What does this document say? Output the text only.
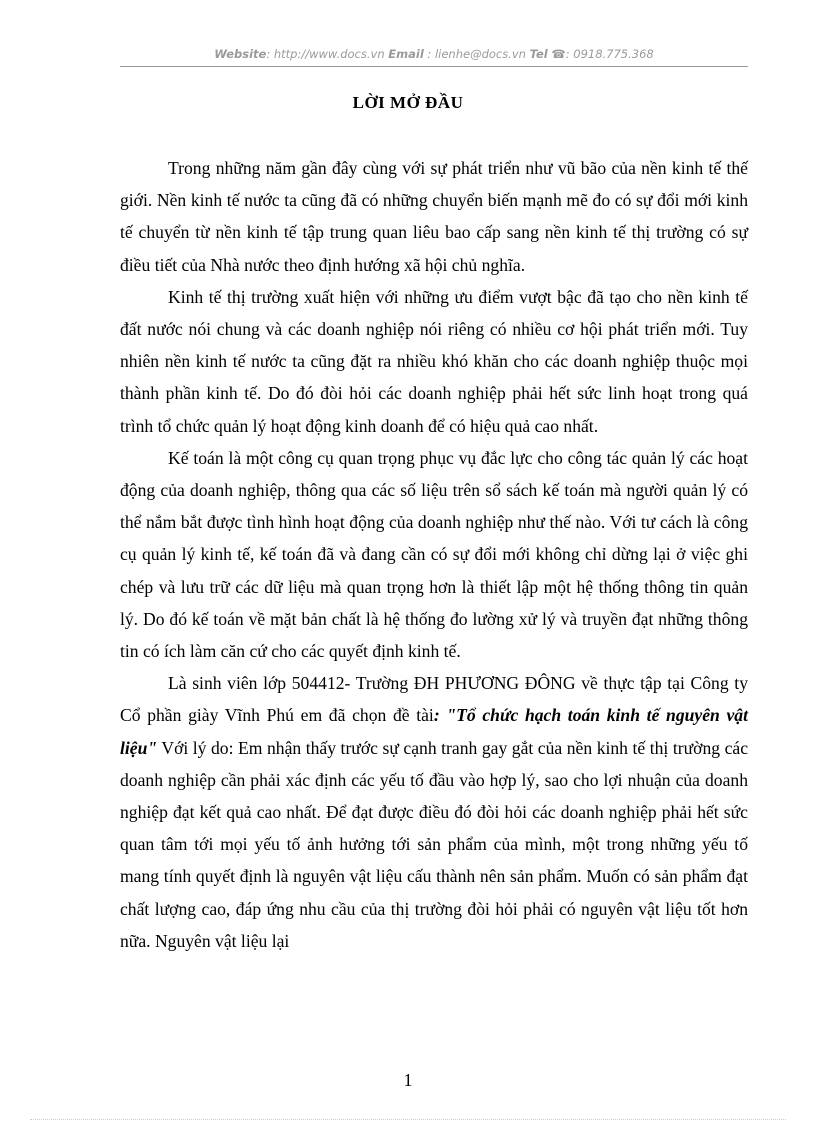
Website: http://www.docs.vn Email : lienhe@docs.vn Tel ☎: 0918.775.368
LỜI MỞ ĐẦU

Trong những năm gần đây cùng với sự phát triển như vũ bão của nền kinh tế thế giới. Nền kinh tế nước ta cũng đã có những chuyển biến mạnh mẽ đo có sự đổi mới kinh tế chuyển từ nền kinh tế tập trung quan liêu bao cấp sang nền kinh tế thị trường có sự điều tiết của Nhà nước theo định hướng xã hội chủ nghĩa.

Kinh tế thị trường xuất hiện với những ưu điểm vượt bậc đã tạo cho nền kinh tế đất nước nói chung và các doanh nghiệp nói riêng có nhiều cơ hội phát triển mới. Tuy nhiên nền kinh tế nước ta cũng đặt ra nhiều khó khăn cho các doanh nghiệp thuộc mọi thành phần kinh tế. Do đó đòi hỏi các doanh nghiệp phải hết sức linh hoạt trong quá trình tổ chức quản lý hoạt động kinh doanh để có hiệu quả cao nhất.

Kế toán là một công cụ quan trọng phục vụ đắc lực cho công tác quản lý các hoạt động của doanh nghiệp, thông qua các số liệu trên sổ sách kế toán mà người quản lý có thể nắm bắt được tình hình hoạt động của doanh nghiệp như thế nào. Với tư cách là công cụ quản lý kinh tế, kế toán đã và đang cần có sự đổi mới không chỉ dừng lại ở việc ghi chép và lưu trữ các dữ liệu mà quan trọng hơn là thiết lập một hệ thống thông tin quản lý. Do đó kế toán về mặt bản chất là hệ thống đo lường xử lý và truyền đạt những thông tin có ích làm căn cứ cho các quyết định kinh tế.

Là sinh viên lớp 504412- Trường ĐH PHƯƠNG ĐÔNG về thực tập tại Công ty Cổ phần giày Vĩnh Phú em đã chọn đề tài: "Tổ chức hạch toán kinh tế nguyên vật liệu" Với lý do: Em nhận thấy trước sự cạnh tranh gay gắt của nền kinh tế thị trường các doanh nghiệp cần phải xác định các yếu tố đầu vào hợp lý, sao cho lợi nhuận của doanh nghiệp đạt kết quả cao nhất. Để đạt được điều đó đòi hỏi các doanh nghiệp phải hết sức quan tâm tới mọi yếu tố ảnh hưởng tới sản phẩm của mình, một trong những yếu tố mang tính quyết định là nguyên vật liệu cấu thành nên sản phẩm. Muốn có sản phẩm đạt chất lượng cao, đáp ứng nhu cầu của thị trường đòi hỏi phải có nguyên vật liệu tốt hơn nữa. Nguyên vật liệu lại

1
